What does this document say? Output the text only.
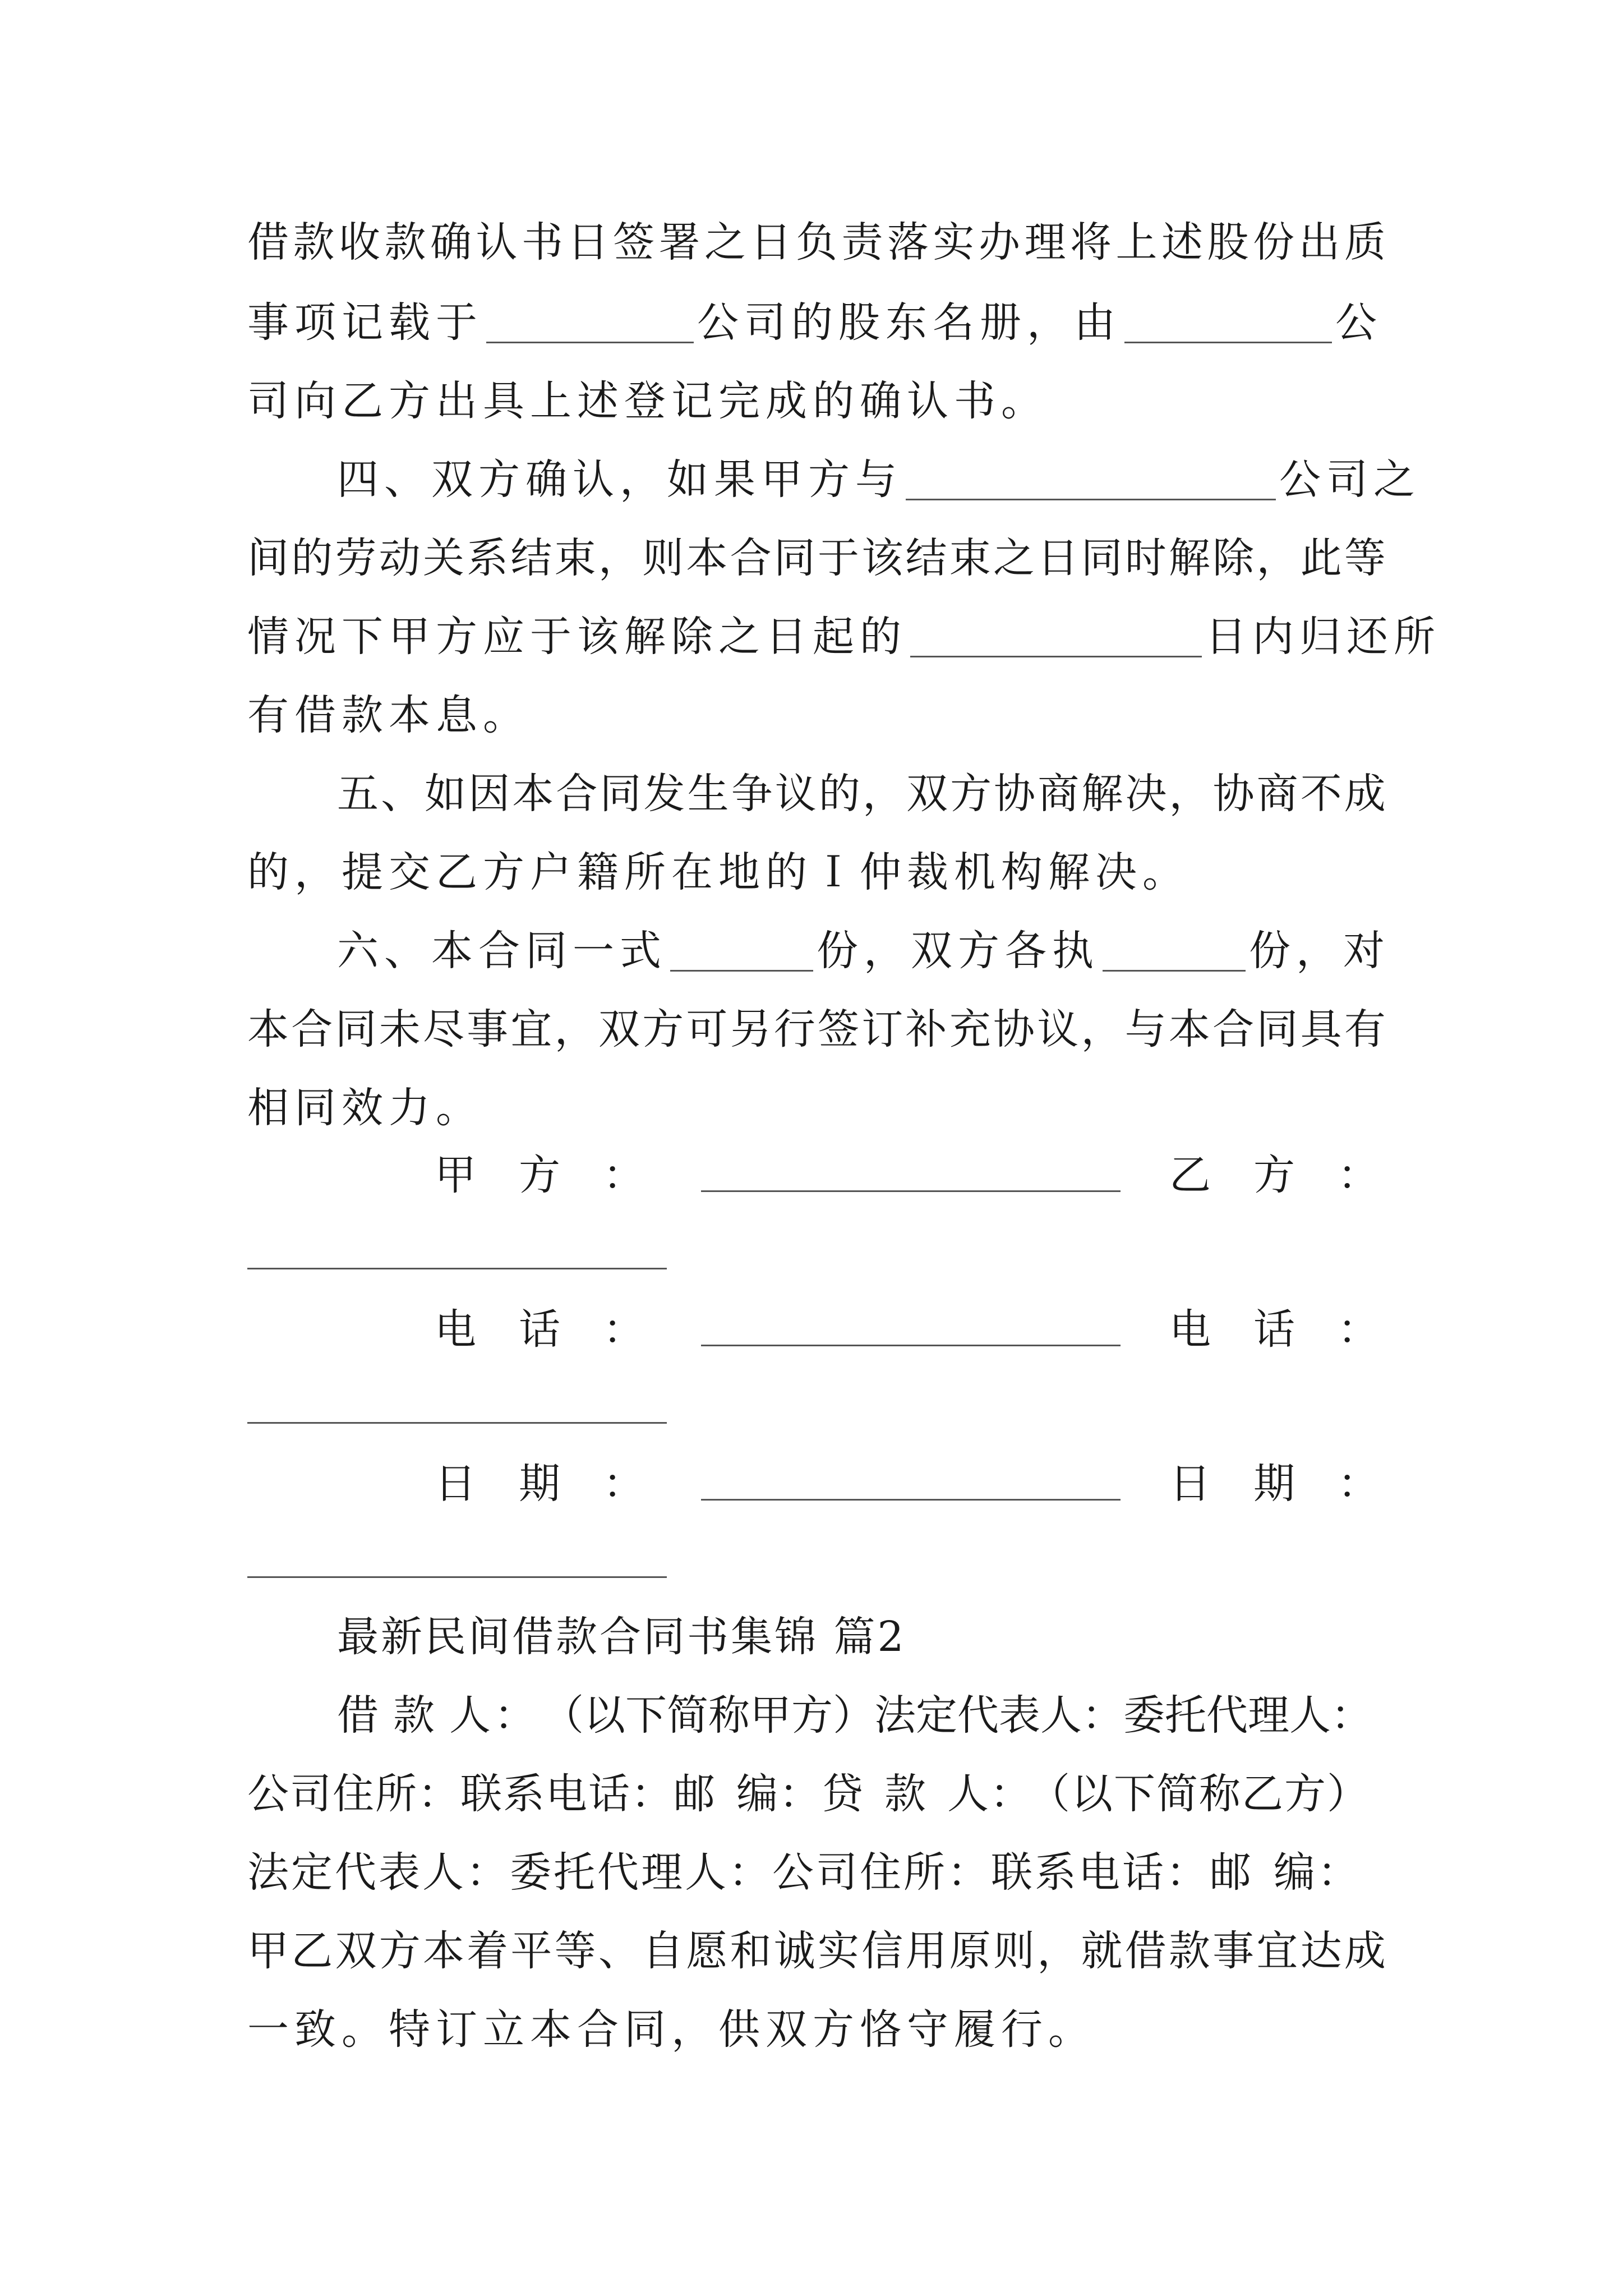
借 款 收 款 确 认 书 日 签 署 之 日 负 责 落 实 办 理 将 上 述 股 份 出 质
事项记载于	公司的股东名册，由	公
司向乙方出具上述登记完成的确认书。
四、双方确认，如果甲方与	公司之
间 的 劳 动 关 系 结 束 ， 则 本 合 同 于 该 结 束 之 日 同 时 解 除 ， 此 等
情况下甲方应于该解除之日起的	日内归还所
有借款本息。
五 、 如 因 本 合 同 发 生 争 议 的 ， 双 方 协 商 解 决 ， 协 商 不 成
的，提交乙方户籍所在地的Ｉ仲裁机构解决。
六、本合同一式	份，双方各执	份，对
本 合 同 未 尽 事 宜 ， 双 方 可 另 行 签 订 补 充 协 议 ， 与 本 合 同 具 有
相同效力。
甲 方 ：	乙 方 ：
电 话 ：	电 话 ：
日 期 ：	日 期 ：
最新民间借款合同书集锦 篇2
借 款 人： （以下简称甲方）法定代表人：委托代理人：
公司住所：联系电话：邮 编：贷 款 人： （以下简称乙方）
法定代表人：委托代理人：公司住所：联系电话：邮 编：
甲 乙 双 方 本 着 平 等 、 自 愿 和 诚 实 信 用 原 则 ， 就 借 款 事 宜 达 成
一致。特订立本合同，供双方恪守履行。
